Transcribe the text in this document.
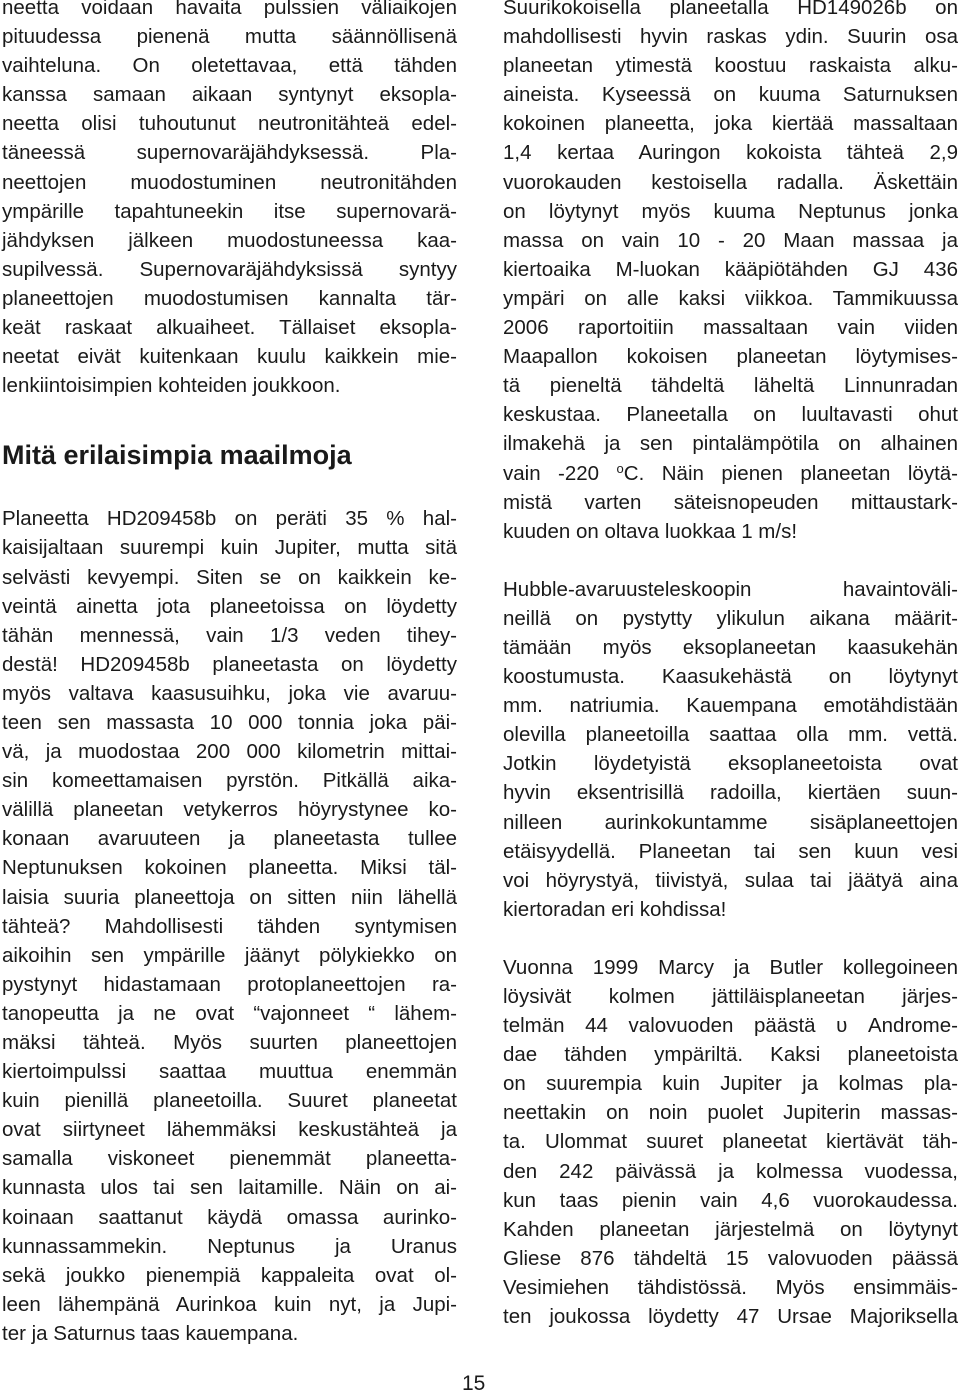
neetta voidaan havaita pulssien väliaikojen
pituudessa pienenä mutta säännöllisenä
vaihteluna. On oletettavaa, että tähden
kanssa samaan aikaan syntynyt eksopla-
neetta olisi tuhoutunut neutronitähteä edel-
täneessä supernovaräjähdyksessä. Pla-
neettojen muodostuminen neutronitähden
ympärille tapahtuneekin itse supernovarä-
jähdyksen jälkeen muodostuneessa kaa-
supilvessä. Supernovaräjähdyksissä syntyy
planeettojen muodostumisen kannalta tär-
keät raskaat alkuaiheet. Tällaiset eksopla-
neetat eivät kuitenkaan kuulu kaikkein mie-
lenkiintoisimpien kohteiden joukkoon.
Mitä erilaisimpia maailmoja
Planeetta HD209458b on peräti 35 % hal-
kaisijaltaan suurempi kuin Jupiter, mutta sitä
selvästi kevyempi. Siten se on kaikkein ke-
veintä ainetta jota planeetoissa on löydetty
tähän mennessä, vain 1/3 veden tihey-
destä! HD209458b planeetasta on löydetty
myös valtava kaasusuihku, joka vie avaruu-
teen sen massasta 10 000 tonnia joka päi-
vä, ja muodostaa 200 000 kilometrin mittai-
sin komeettamaisen pyrstön. Pitkällä aika-
välillä planeetan vetykerros höyrystynee ko-
konaan avaruuteen ja planeetasta tullee
Neptunuksen kokoinen planeetta. Miksi täl-
laisia suuria planeettoja on sitten niin lähellä
tähteä? Mahdollisesti tähden syntymisen
aikoihin sen ympärille jäänyt pölykiekko on
pystynyt hidastamaan protoplaneettojen ra-
tanopeutta ja ne ovat “vajonneet “ lähem-
mäksi tähteä. Myös suurten planeettojen
kiertoimpulssi saattaa muuttua enemmän
kuin pienillä planeetoilla. Suuret planeetat
ovat siirtyneet lähemmäksi keskustähteä ja
samalla viskoneet pienemmät planeetta-
kunnasta ulos tai sen laitamille. Näin on ai-
koinaan saattanut käydä omassa aurinko-
kunnassammekin. Neptunus ja Uranus
sekä joukko pienempiä kappaleita ovat ol-
leen lähempänä Aurinkoa kuin nyt, ja Jupi-
ter ja Saturnus taas kauempana.
Suurikokoisella planeetalla HD149026b on
mahdollisesti hyvin raskas ydin. Suurin osa
planeetan ytimestä koostuu raskaista alku-
aineista. Kyseessä on kuuma Saturnuksen
kokoinen planeetta, joka kiertää massaltaan
1,4 kertaa Auringon kokoista tähteä 2,9
vuorokauden kestoisella radalla. Äskettäin
on löytynyt myös kuuma Neptunus jonka
massa on vain 10 - 20 Maan massaa ja
kiertoaika M-luokan kääpiötähden GJ 436
ympäri on alle kaksi viikkoa. Tammikuussa
2006 raportoitiin massaltaan vain viiden
Maapallon kokoisen planeetan löytymises-
tä pieneltä tähdeltä läheltä Linnunradan
keskustaa. Planeetalla on luultavasti ohut
ilmakehä ja sen pintalämpötila on alhainen
vain -220 $^o$C. Näin pienen planeetan löytä-
mistä varten säteisnopeuden mittaustark-
kuuden on oltava luokkaa 1 m/s!
Hubble-avaruusteleskoopin havaintoväli-
neillä on pystytty ylikulun aikana määrit-
tämään myös eksoplaneetan kaasukehän
koostumusta. Kaasukehästä on löytynyt
mm. natriumia. Kauempana emotähdistään
olevilla planeetoilla saattaa olla mm. vettä.
Jotkin löydetyistä eksoplaneetoista ovat
hyvin eksentrisillä radoilla, kiertäen suun-
nilleen aurinkokuntamme sisäplaneettojen
etäisyydellä. Planeetan tai sen kuun vesi
voi höyrystyä, tiivistyä, sulaa tai jäätyä aina
kiertoradan eri kohdissa!
Vuonna 1999 Marcy ja Butler kollegoineen
löysivät kolmen jättiläisplaneetan järjes-
telmän 44 valovuoden päästä υ Androme-
dae tähden ympäriltä. Kaksi planeetoista
on suurempia kuin Jupiter ja kolmas pla-
neettakin on noin puolet Jupiterin massas-
ta. Ulommat suuret planeetat kiertävät täh-
den 242 päivässä ja kolmessa vuodessa,
kun taas pienin vain 4,6 vuorokaudessa.
Kahden planeetan järjestelmä on löytynyt
Gliese 876 tähdeltä 15 valovuoden päässä
Vesimiehen tähdistössä. Myös ensimmäis-
ten joukossa löydetty 47 Ursae Majoriksella
15
